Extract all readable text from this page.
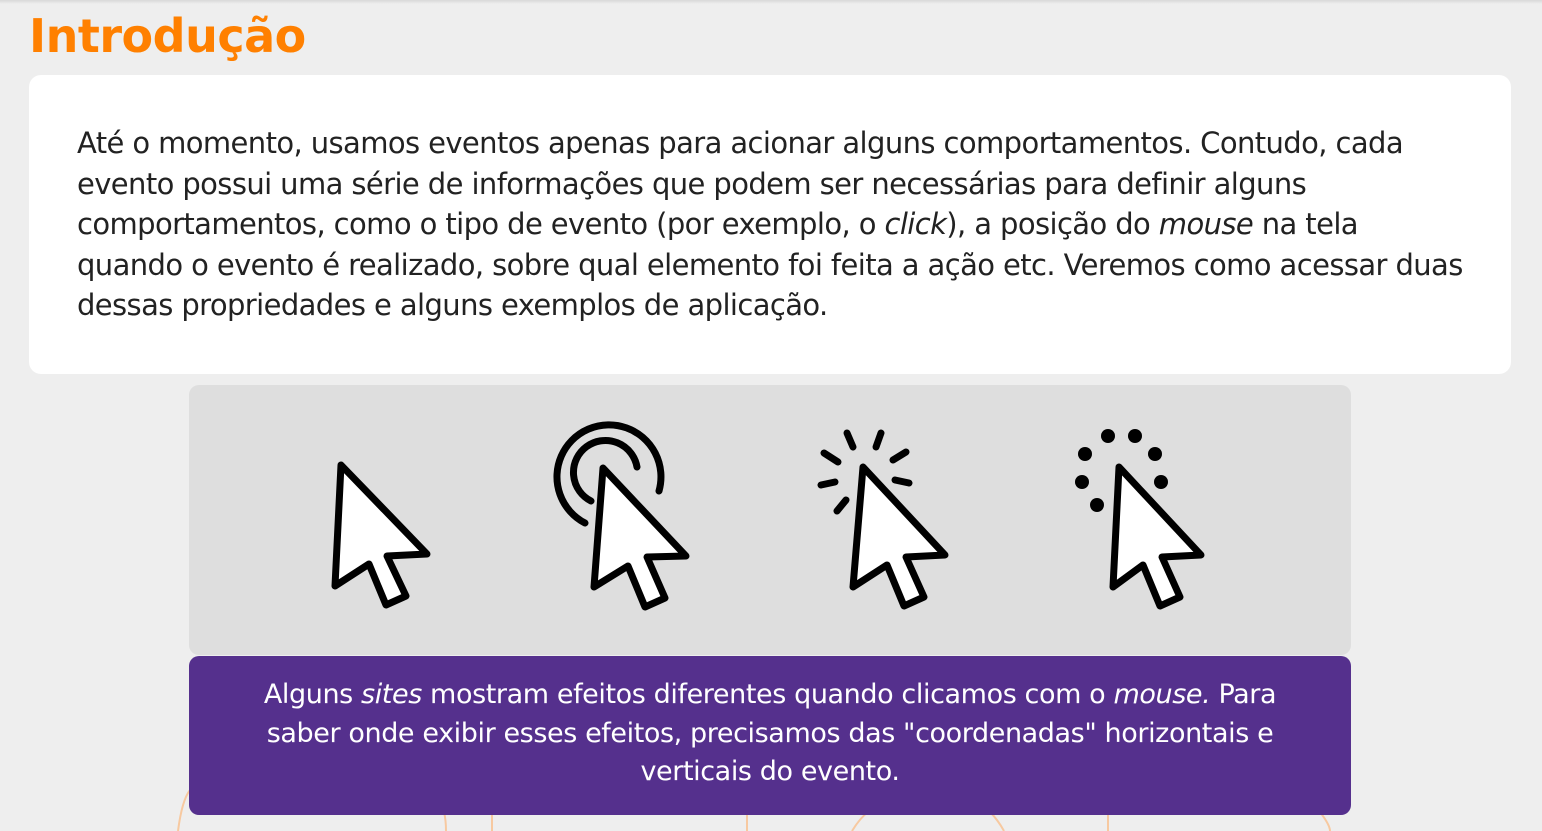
Introdução

Até o momento, usamos eventos apenas para acionar alguns comportamentos. Contudo, cada evento possui uma série de informações que podem ser necessárias para definir alguns comportamentos, como o tipo de evento (por exemplo, o click), a posição do mouse na tela quando o evento é realizado, sobre qual elemento foi feita a ação etc. Veremos como acessar duas dessas propriedades e alguns exemplos de aplicação.

Alguns sites mostram efeitos diferentes quando clicamos com o mouse. Para saber onde exibir esses efeitos, precisamos das "coordenadas" horizontais e verticais do evento.
